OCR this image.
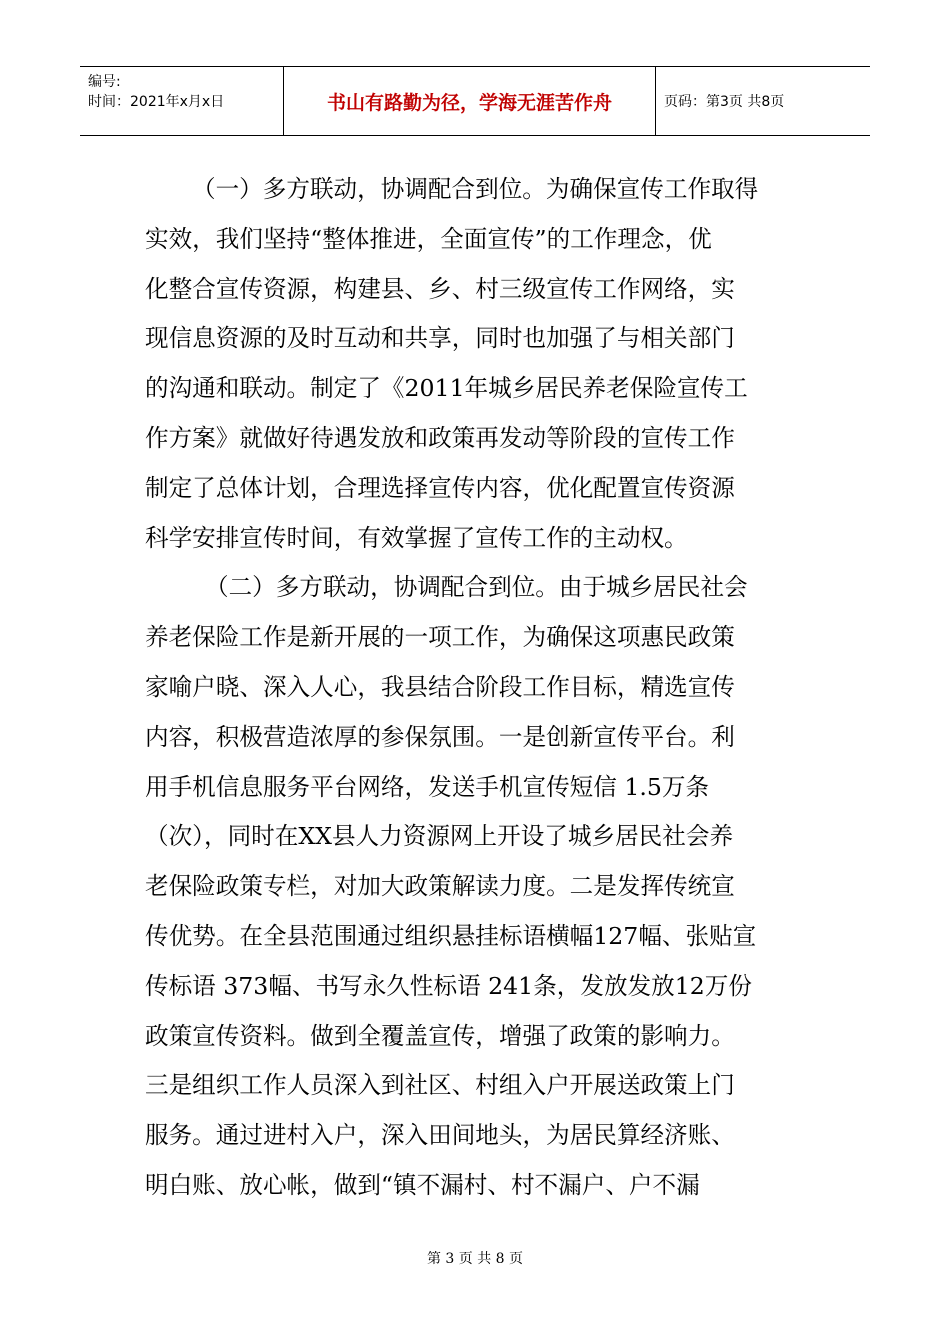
编号:
时间：2021年x月x日	书山有路勤为径，学海无涯苦作舟	页码：第3页 共8页
（一）多方联动，协调配合到位。为确保宣传工作取得
实效，我们坚持“整体推进，全面宣传”的工作理念，优
化整合宣传资源，构建县、乡、村三级宣传工作网络，实
现信息资源的及时互动和共享，同时也加强了与相关部门
的沟通和联动。制定了《2011年城乡居民养老保险宣传工
作方案》就做好待遇发放和政策再发动等阶段的宣传工作
制定了总体计划，合理选择宣传内容，优化配置宣传资源
科学安排宣传时间，有效掌握了宣传工作的主动权。
（二）多方联动，协调配合到位。由于城乡居民社会
养老保险工作是新开展的一项工作，为确保这项惠民政策
家喻户晓、深入人心，我县结合阶段工作目标，精选宣传
内容，积极营造浓厚的参保氛围。一是创新宣传平台。利
用手机信息服务平台网络，发送手机宣传短信 1.5万条
（次），同时在XX县人力资源网上开设了城乡居民社会养
老保险政策专栏，对加大政策解读力度。二是发挥传统宣
传优势。在全县范围通过组织悬挂标语横幅127幅、张贴宣
传标语 373幅、书写永久性标语 241条，发放发放12万份
政策宣传资料。做到全覆盖宣传，增强了政策的影响力。
三是组织工作人员深入到社区、村组入户开展送政策上门
服务。通过进村入户，深入田间地头，为居民算经济账、
明白账、放心帐，做到“镇不漏村、村不漏户、户不漏
第 3 页 共 8 页
